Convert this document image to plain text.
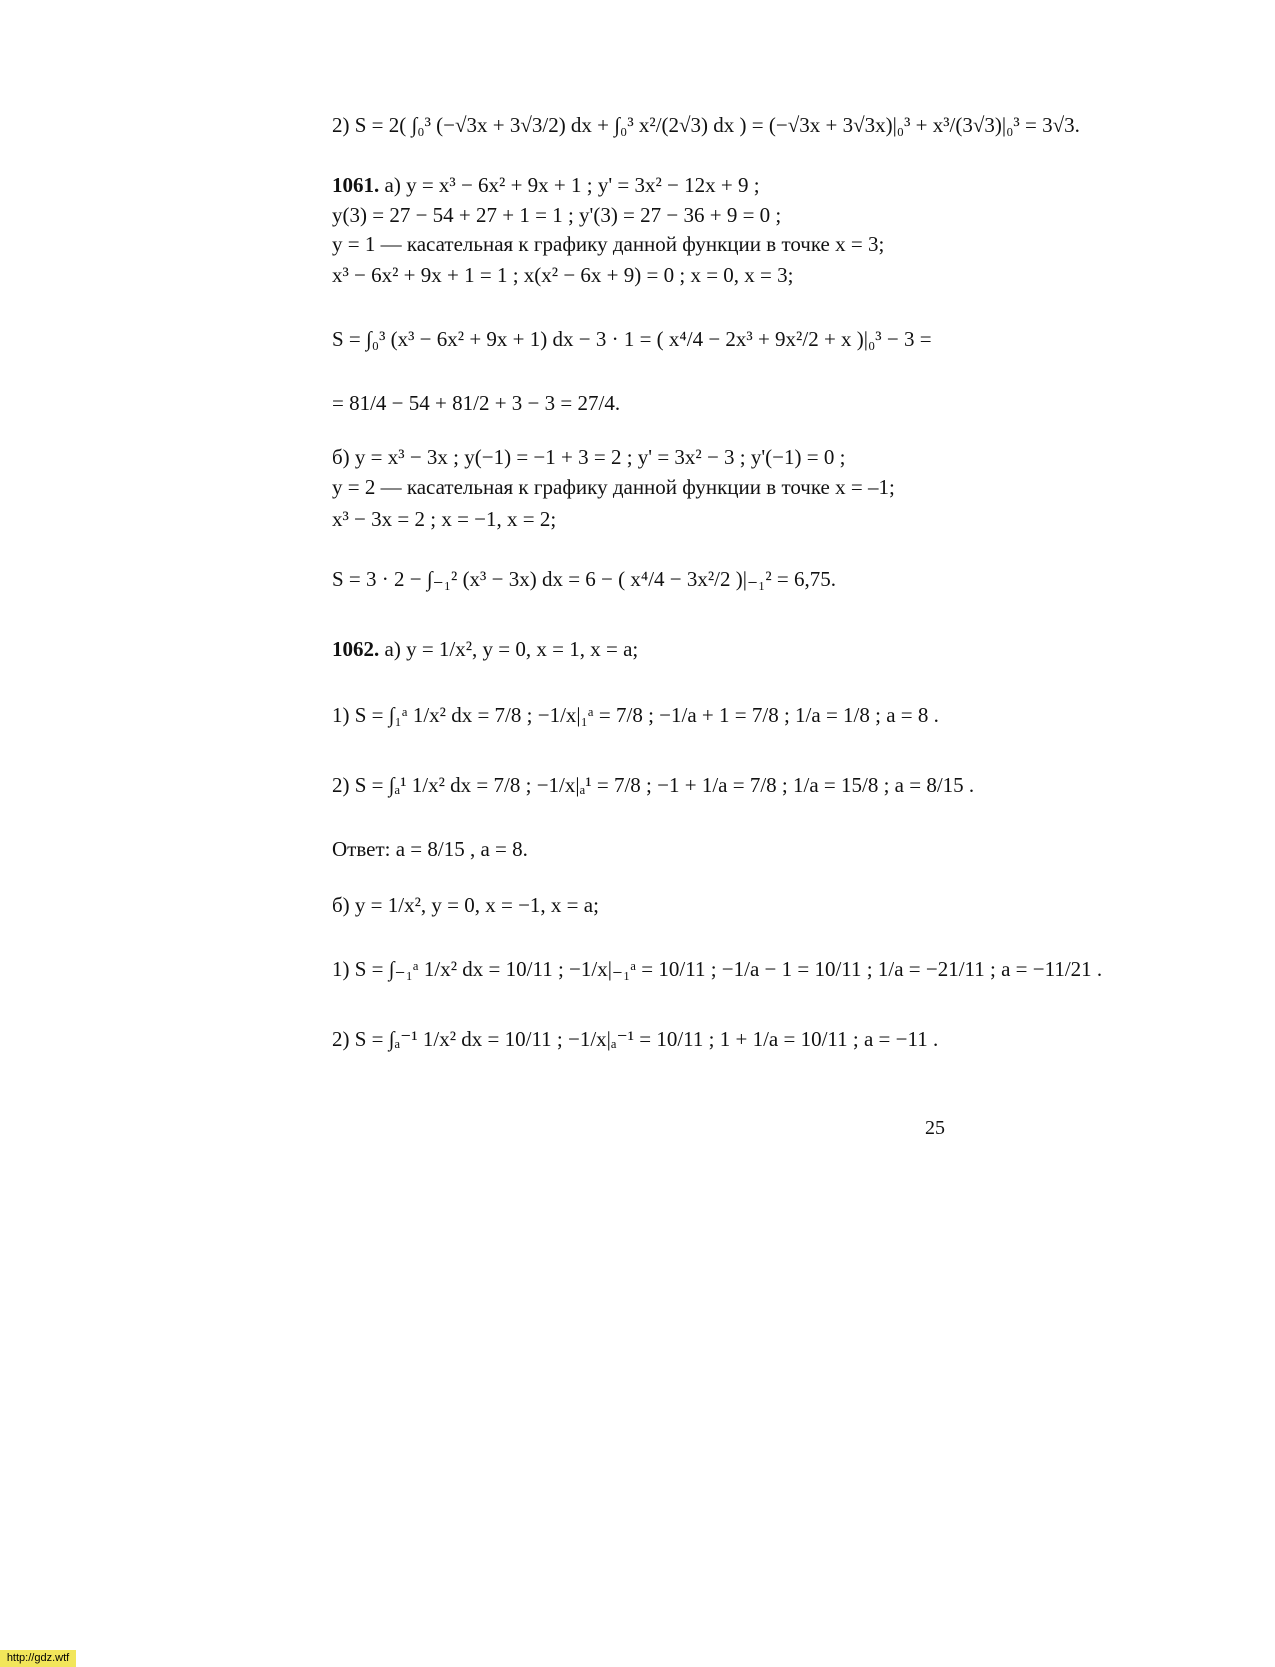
2) S = 2( ∫₀³ (−√3x + 3√3/2) dx + ∫₀³ x²/(2√3) dx ) = (−√3x + 3√3x)|₀³ + x³/(3√3)|₀³ = 3√3.
1061. а) y = x³ − 6x² + 9x + 1 ; y' = 3x² − 12x + 9 ;
y(3) = 27 − 54 + 27 + 1 = 1 ; y'(3) = 27 − 36 + 9 = 0 ;
y = 1 — касательная к графику данной функции в точке x = 3;
x³ − 6x² + 9x + 1 = 1 ; x(x² − 6x + 9) = 0 ; x = 0, x = 3;
S = ∫₀³ (x³ − 6x² + 9x + 1) dx − 3 · 1 = ( x⁴/4 − 2x³ + 9x²/2 + x )|₀³ − 3 =
= 81/4 − 54 + 81/2 + 3 − 3 = 27/4.
б) y = x³ − 3x ; y(−1) = −1 + 3 = 2 ; y' = 3x² − 3 ; y'(−1) = 0 ;
y = 2 — касательная к графику данной функции в точке x = –1;
x³ − 3x = 2 ; x = −1, x = 2;
S = 3 · 2 − ∫₋₁² (x³ − 3x) dx = 6 − ( x⁴/4 − 3x²/2 )|₋₁² = 6,75.
1062. а) y = 1/x², y = 0, x = 1, x = a;
1) S = ∫₁ᵃ 1/x² dx = 7/8 ; −1/x|₁ᵃ = 7/8 ; −1/a + 1 = 7/8 ; 1/a = 1/8 ; a = 8 .
2) S = ∫ₐ¹ 1/x² dx = 7/8 ; −1/x|ₐ¹ = 7/8 ; −1 + 1/a = 7/8 ; 1/a = 15/8 ; a = 8/15 .
Ответ: a = 8/15 , a = 8.
б) y = 1/x², y = 0, x = −1, x = a;
1) S = ∫₋₁ᵃ 1/x² dx = 10/11 ; −1/x|₋₁ᵃ = 10/11 ; −1/a − 1 = 10/11 ; 1/a = −21/11 ; a = −11/21 .
2) S = ∫ₐ⁻¹ 1/x² dx = 10/11 ; −1/x|ₐ⁻¹ = 10/11 ; 1 + 1/a = 10/11 ; a = −11 .
25
http://gdz.wtf
